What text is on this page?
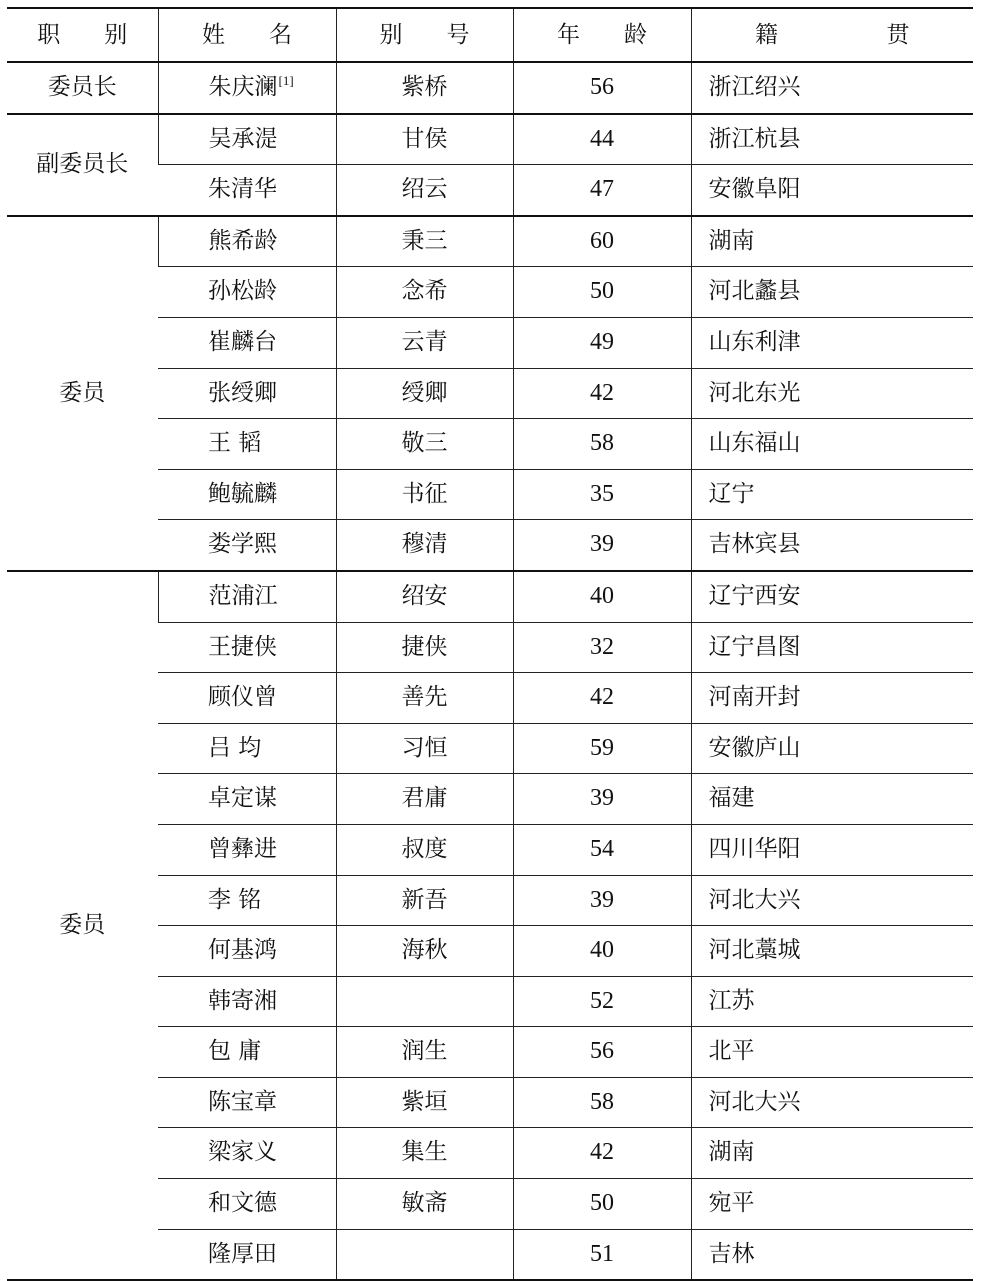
职 别	姓 名	别 号	年 龄	籍 贯
委员长	朱庆澜[1]	紫桥	56	浙江绍兴
副委员长	吴承湜	甘侯	44	浙江杭县
	朱清华	绍云	47	安徽阜阳
委员	熊希龄	秉三	60	湖南
	孙松龄	念希	50	河北蠡县
	崔麟台	云青	49	山东利津
	张绶卿	绶卿	42	河北东光
	王 韬	敬三	58	山东福山
	鲍毓麟	书征	35	辽宁
	娄学熙	穆清	39	吉林宾县
委员	范浦江	绍安	40	辽宁西安
	王捷侠	捷侠	32	辽宁昌图
	顾仪曾	善先	42	河南开封
	吕 均	习恒	59	安徽庐山
	卓定谋	君庸	39	福建
	曾彝进	叔度	54	四川华阳
	李 铭	新吾	39	河北大兴
	何基鸿	海秋	40	河北藁城
	韩寄湘		52	江苏
	包 庸	润生	56	北平
	陈宝章	紫垣	58	河北大兴
	梁家义	集生	42	湖南
	和文德	敏斋	50	宛平
	隆厚田		51	吉林
